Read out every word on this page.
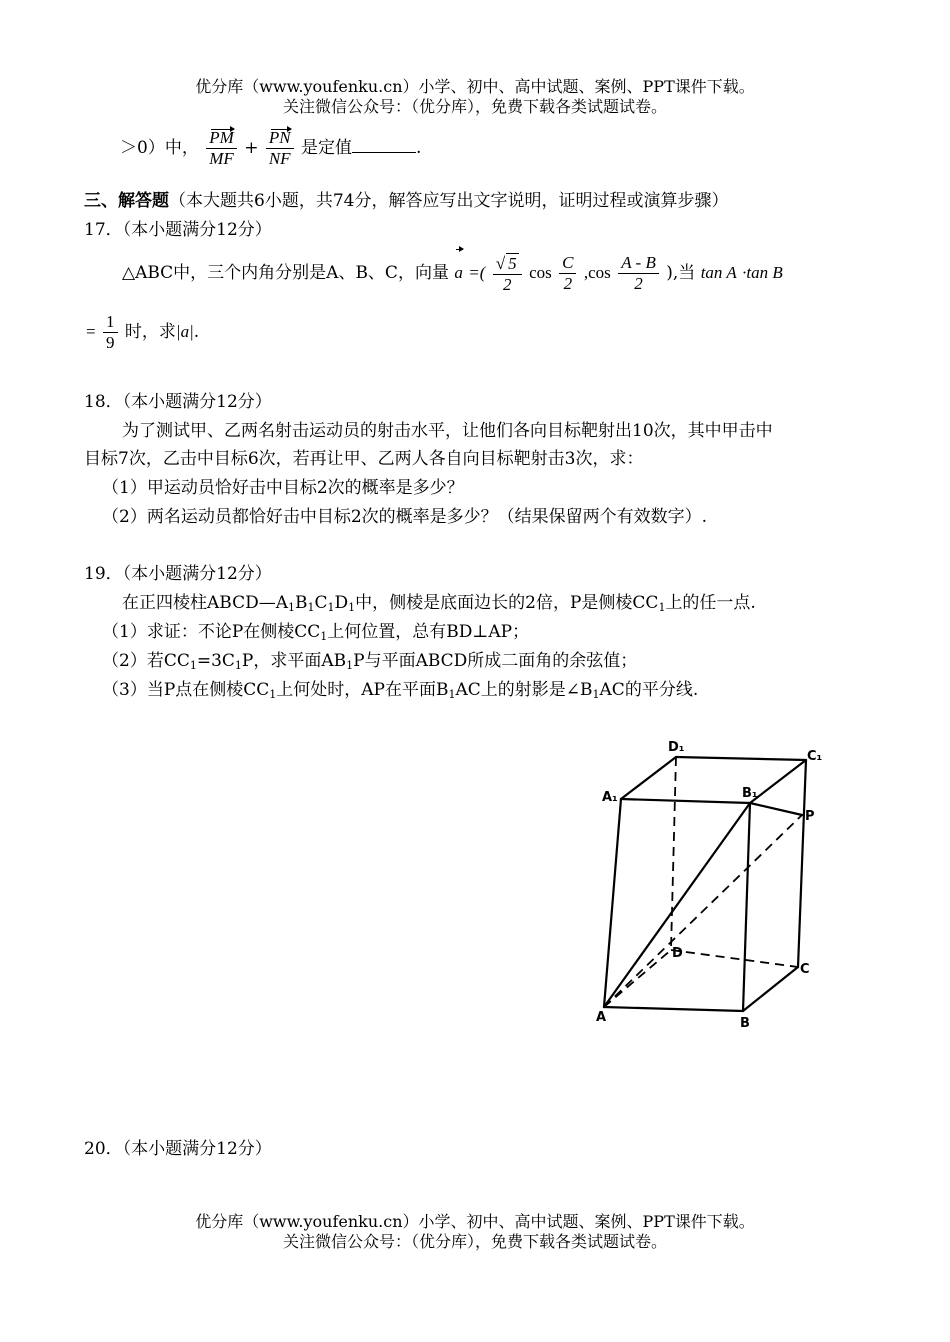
优分库（www.youfenku.cn）小学、初中、高中试题、案例、PPT课件下载。
关注微信公众号：（优分库），免费下载各类试题试卷。
＞0）中， $\frac{PM}{MF} + \frac{PN}{NF}$ 是定值	.
三、解答题（本大题共6小题，共74分，解答应写出文字说明，证明过程或演算步骤）
17．（本小题满分12分）
△ABC中，三个内角分别是A、B、C，向量 a =( $\frac{√ 5}{2}$ $\cos \frac{C}{2} ,\cos \frac{A - B}{2}$ ),当 tan A ·tan B
= $\frac{1}{9}$ 时，求|a|.
18．（本小题满分12分）
为了测试甲、乙两名射击运动员的射击水平，让他们各向目标靶射出10次，其中甲击中
目标7次，乙击中目标6次，若再让甲、乙两人各自向目标靶射击3次，求：
（1）甲运动员恰好击中目标2次的概率是多少？
（2）两名运动员都恰好击中目标2次的概率是多少？（结果保留两个有效数字）.
19．（本小题满分12分）
在正四棱柱$ABCD—A_1B_1C_1D_1$中，侧棱是底面边长的2倍，P是侧棱$CC_1$上的任一点.
（1）求证：不论P在侧棱$CC_1$上何位置，总有BD⊥AP；
（2）若$CC_1=3C_1P$，求平面$AB_1P$与平面ABCD所成二面角的余弦值；
（3）当P点在侧棱$CC_1$上何处时，AP在平面$B_1AC$上的射影是$\angle B_1AC$的平分线.
D₁
C₁
A₁	B₁
P
D
C
A	B
20．（本小题满分12分）
优分库（www.youfenku.cn）小学、初中、高中试题、案例、PPT课件下载。
关注微信公众号：（优分库），免费下载各类试题试卷。
